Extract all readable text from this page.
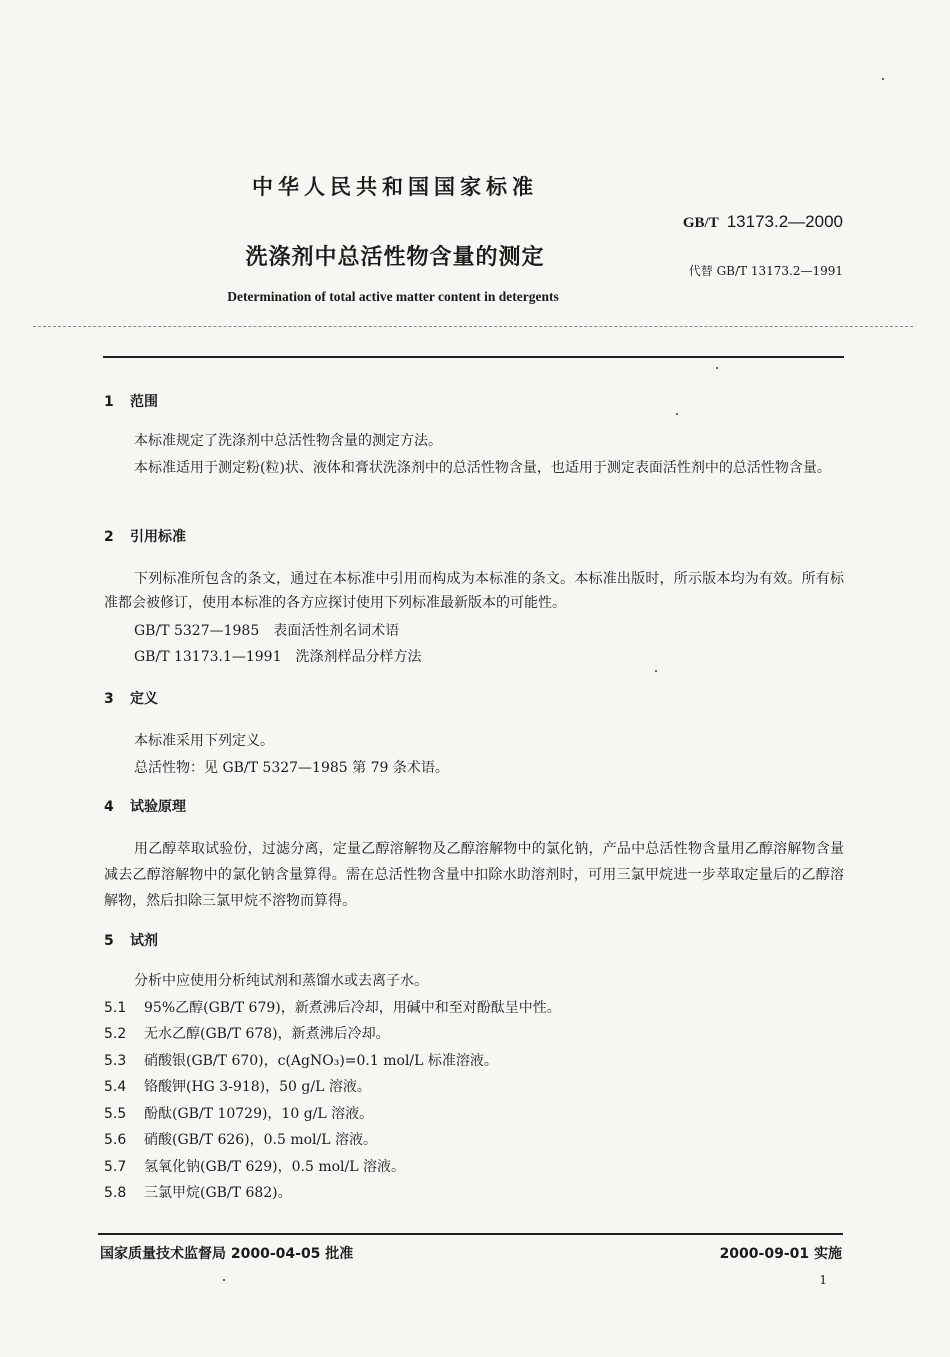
中华人民共和国国家标准
GB/T 13173.2—2000
洗涤剂中总活性物含量的测定
代替 GB/T 13173.2—1991
Determination of total active matter content in detergents
1 范围
本标准规定了洗涤剂中总活性物含量的测定方法。
本标准适用于测定粉(粒)状、液体和膏状洗涤剂中的总活性物含量，也适用于测定表面活性剂中的总活性物含量。
2 引用标准
下列标准所包含的条文，通过在本标准中引用而构成为本标准的条文。本标准出版时，所示版本均为有效。所有标准都会被修订，使用本标准的各方应探讨使用下列标准最新版本的可能性。
GB/T 5327—1985　表面活性剂名词术语
GB/T 13173.1—1991　洗涤剂样品分样方法
3 定义
本标准采用下列定义。
总活性物：见 GB/T 5327—1985 第 79 条术语。
4 试验原理
用乙醇萃取试验份，过滤分离，定量乙醇溶解物及乙醇溶解物中的氯化钠，产品中总活性物含量用乙醇溶解物含量减去乙醇溶解物中的氯化钠含量算得。需在总活性物含量中扣除水助溶剂时，可用三氯甲烷进一步萃取定量后的乙醇溶解物，然后扣除三氯甲烷不溶物而算得。
5 试剂
分析中应使用分析纯试剂和蒸馏水或去离子水。
5.1 95%乙醇(GB/T 679)，新煮沸后冷却，用碱中和至对酚酞呈中性。
5.2 无水乙醇(GB/T 678)，新煮沸后冷却。
5.3 硝酸银(GB/T 670)，c(AgNO₃)=0.1 mol/L 标准溶液。
5.4 铬酸钾(HG 3-918)，50 g/L 溶液。
5.5 酚酞(GB/T 10729)，10 g/L 溶液。
5.6 硝酸(GB/T 626)，0.5 mol/L 溶液。
5.7 氢氧化钠(GB/T 629)，0.5 mol/L 溶液。
5.8 三氯甲烷(GB/T 682)。
国家质量技术监督局 2000-04-05 批准	2000-09-01 实施
1
